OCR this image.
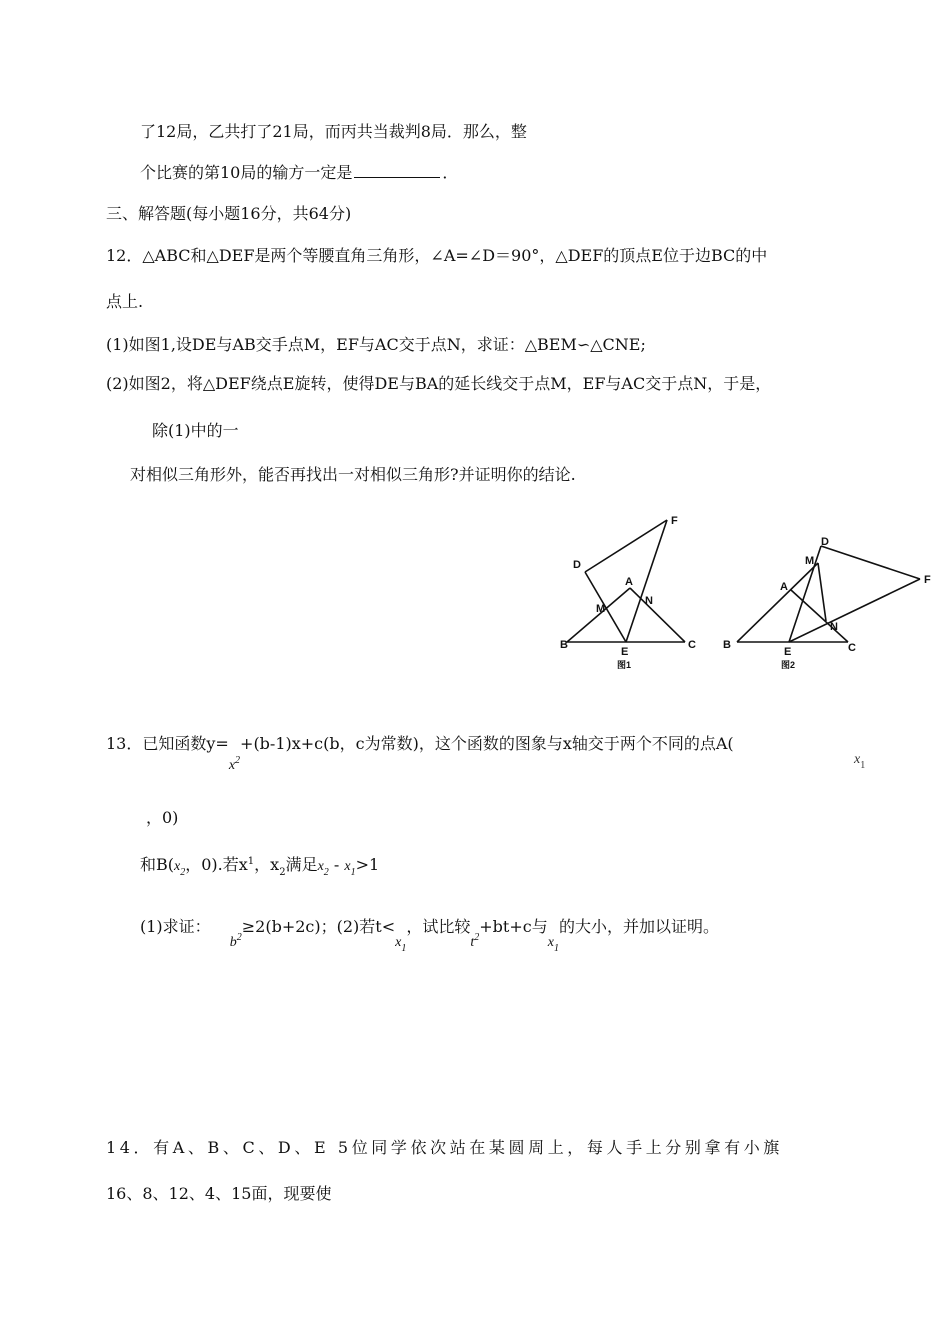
了12局，乙共打了21局，而丙共当裁判8局．那么，整
个比赛的第10局的输方一定是	．
三、解答题(每小题16分，共64分)
12．△ABC和△DEF是两个等腰直角三角形，∠A=∠D＝90°，△DEF的顶点E位于边BC的中
点上.
(1)如图1,设DE与AB交手点M，EF与AC交于点N，求证：△BEM∽△CNE;
(2)如图2，将△DEF绕点E旋转，使得DE与BA的延长线交于点M，EF与AC交于点N，于是，
除(1)中的一
对相似三角形外，能否再找出一对相似三角形?并证明你的结论.
D
F
A
M
N
B
E
C
图1
D
M
A
F
N
B
E	C
图2
13．已知函数$y=x^2+(b-1)x+c(b$，c为常数)，这个函数的图象与x轴交于两个不同的点A(
$x_1$
，0)
和$B(x_2$，0).若$x^1$，$x_2$满足$x_2 - x_1>1$
(1)求证： $b^2\ge 2(b+2c)$；(2)若$t<x_1$，试比较$t^2+bt+c$与$x_1$的大小，并加以证明。
14．有A、B、C、D、E 5位同学依次站在某圆周上，每人手上分别拿有小旗
16、8、12、4、15面，现要使
